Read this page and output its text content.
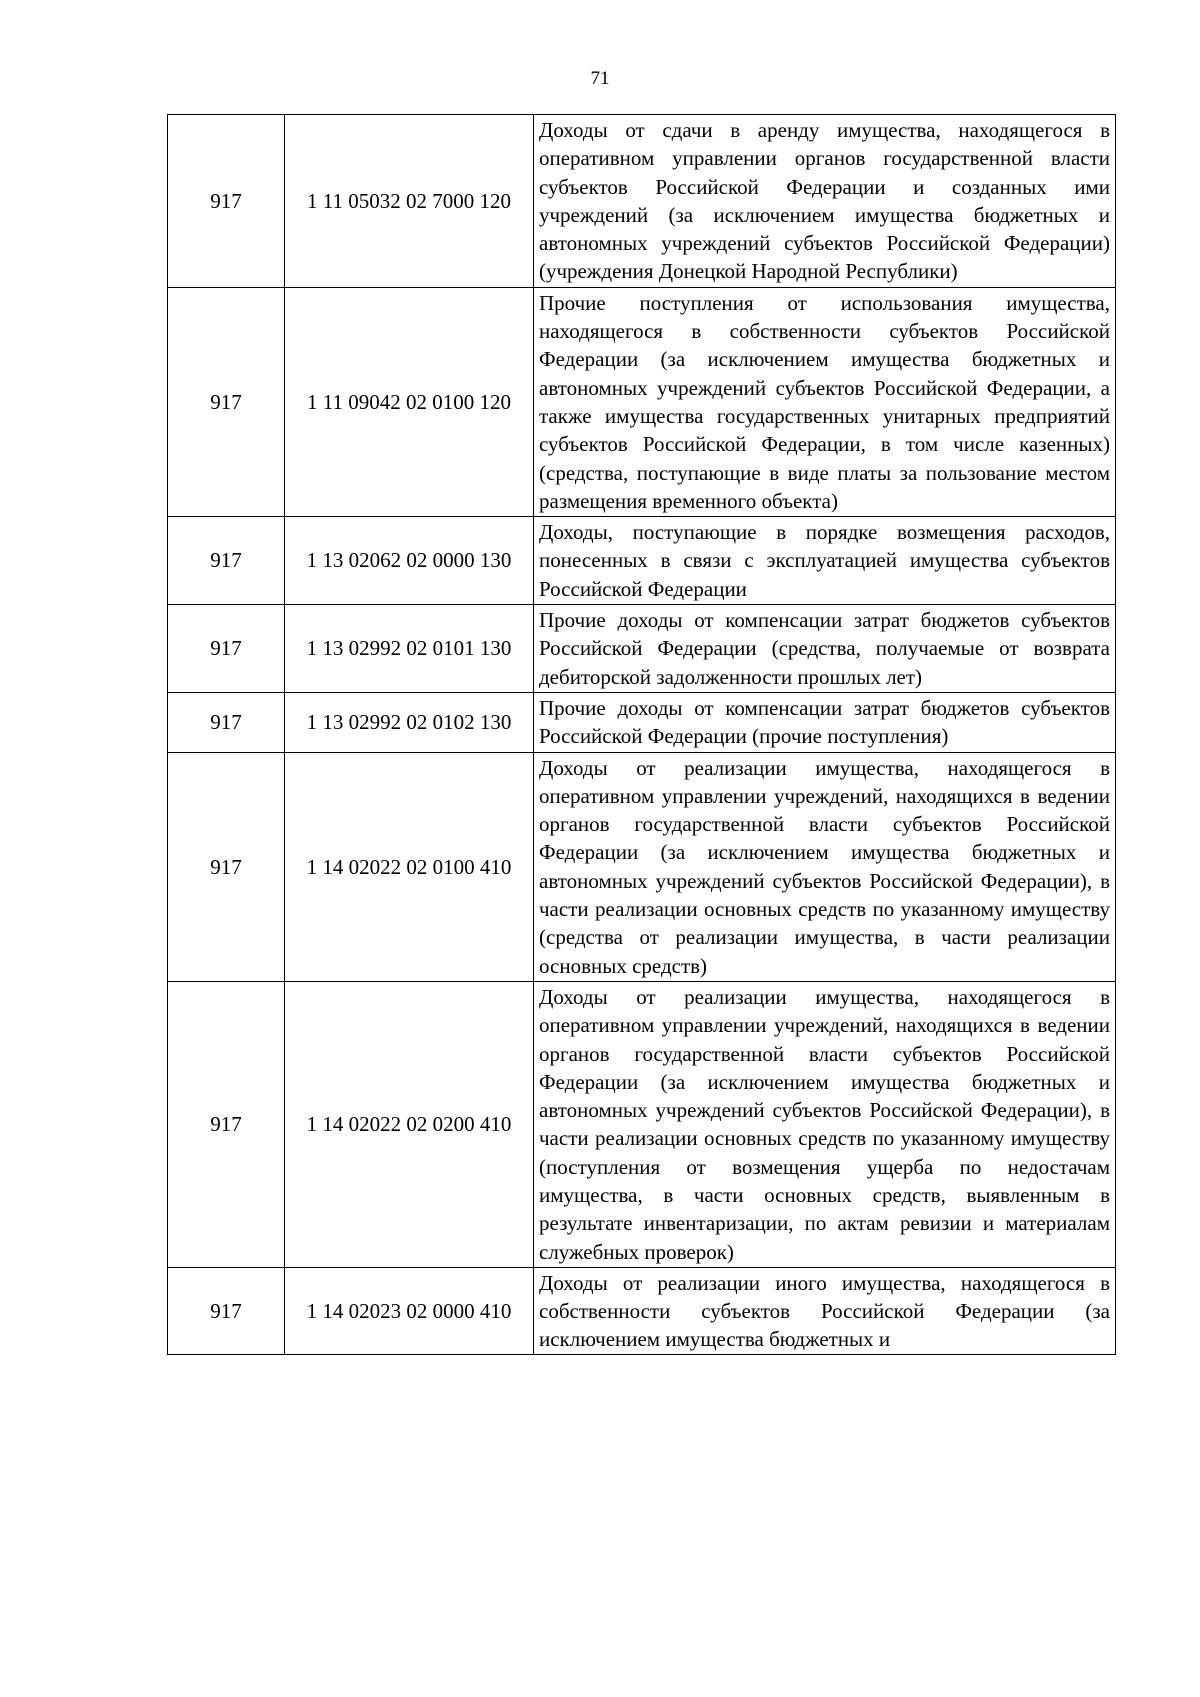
71
917	1 11 05032 02 7000 120	Доходы от сдачи в аренду имущества, находящегося в оперативном управлении органов государственной власти субъектов Российской Федерации и созданных ими учреждений (за исключением имущества бюджетных и автономных учреждений субъектов Российской Федерации) (учреждения Донецкой Народной Республики)
917	1 11 09042 02 0100 120	Прочие поступления от использования имущества, находящегося в собственности субъектов Российской Федерации (за исключением имущества бюджетных и автономных учреждений субъектов Российской Федерации, а также имущества государственных унитарных предприятий субъектов Российской Федерации, в том числе казенных) (средства, поступающие в виде платы за пользование местом размещения временного объекта)
917	1 13 02062 02 0000 130	Доходы, поступающие в порядке возмещения расходов, понесенных в связи с эксплуатацией имущества субъектов Российской Федерации
917	1 13 02992 02 0101 130	Прочие доходы от компенсации затрат бюджетов субъектов Российской Федерации (средства, получаемые от возврата дебиторской задолженности прошлых лет)
917	1 13 02992 02 0102 130	Прочие доходы от компенсации затрат бюджетов субъектов Российской Федерации (прочие поступления)
917	1 14 02022 02 0100 410	Доходы от реализации имущества, находящегося в оперативном управлении учреждений, находящихся в ведении органов государственной власти субъектов Российской Федерации (за исключением имущества бюджетных и автономных учреждений субъектов Российской Федерации), в части реализации основных средств по указанному имуществу (средства от реализации имущества, в части реализации основных средств)
917	1 14 02022 02 0200 410	Доходы от реализации имущества, находящегося в оперативном управлении учреждений, находящихся в ведении органов государственной власти субъектов Российской Федерации (за исключением имущества бюджетных и автономных учреждений субъектов Российской Федерации), в части реализации основных средств по указанному имуществу (поступления от возмещения ущерба по недостачам имущества, в части основных средств, выявленным в результате инвентаризации, по актам ревизии и материалам служебных проверок)
917	1 14 02023 02 0000 410	Доходы от реализации иного имущества, находящегося в собственности субъектов Российской Федерации (за исключением имущества бюджетных и
